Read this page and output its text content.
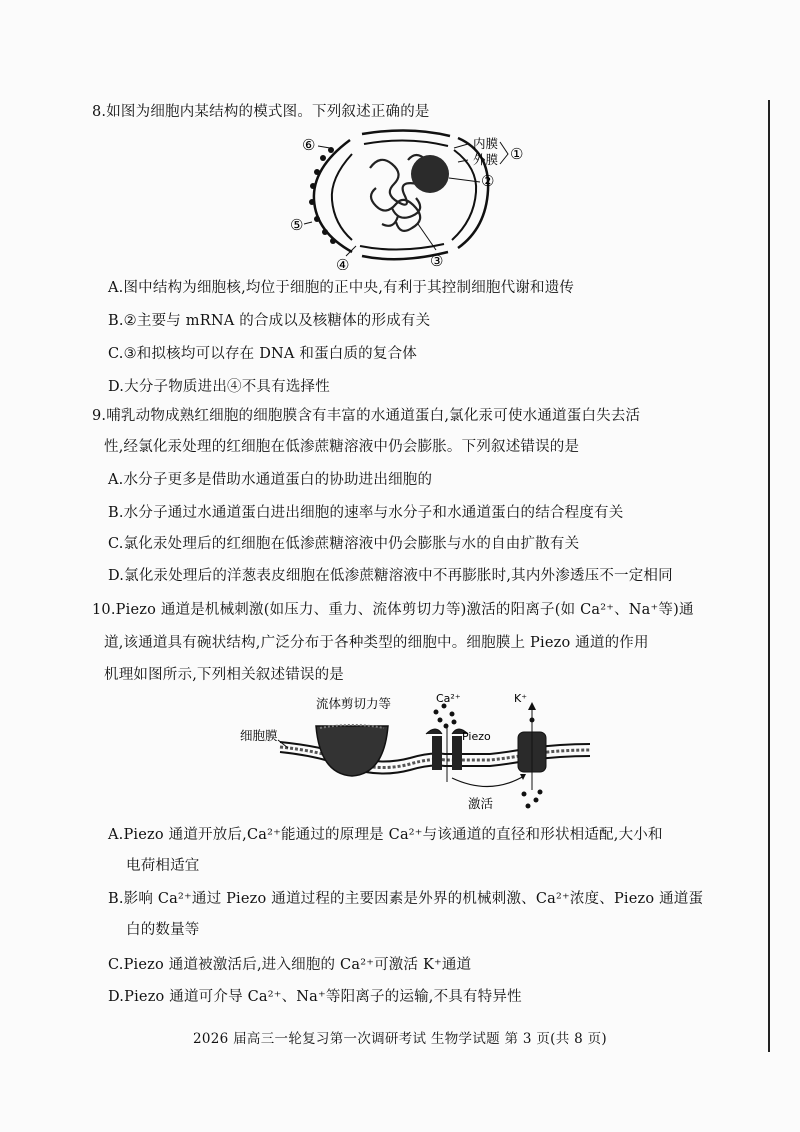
8.如图为细胞内某结构的模式图。下列叙述正确的是
内膜
外膜 ①
②
③
④
⑤
⑥
A.图中结构为细胞核,均位于细胞的正中央,有利于其控制细胞代谢和遗传
B.②主要与 mRNA 的合成以及核糖体的形成有关
C.③和拟核均可以存在 DNA 和蛋白质的复合体
D.大分子物质进出④不具有选择性
9.哺乳动物成熟红细胞的细胞膜含有丰富的水通道蛋白,氯化汞可使水通道蛋白失去活
性,经氯化汞处理的红细胞在低渗蔗糖溶液中仍会膨胀。下列叙述错误的是
A.水分子更多是借助水通道蛋白的协助进出细胞的
B.水分子通过水通道蛋白进出细胞的速率与水分子和水通道蛋白的结合程度有关
C.氯化汞处理后的红细胞在低渗蔗糖溶液中仍会膨胀与水的自由扩散有关
D.氯化汞处理后的洋葱表皮细胞在低渗蔗糖溶液中不再膨胀时,其内外渗透压不一定相同
10.Piezo 通道是机械刺激(如压力、重力、流体剪切力等)激活的阳离子(如 Ca²⁺、Na⁺等)通
道,该通道具有碗状结构,广泛分布于各种类型的细胞中。细胞膜上 Piezo 通道的作用
机理如图所示,下列相关叙述错误的是
细胞膜
流体剪切力等	Ca²⁺	K⁺
Piezo
激活
A.Piezo 通道开放后,Ca²⁺能通过的原理是 Ca²⁺与该通道的直径和形状相适配,大小和
电荷相适宜
B.影响 Ca²⁺通过 Piezo 通道过程的主要因素是外界的机械刺激、Ca²⁺浓度、Piezo 通道蛋
白的数量等
C.Piezo 通道被激活后,进入细胞的 Ca²⁺可激活 K⁺通道
D.Piezo 通道可介导 Ca²⁺、Na⁺等阳离子的运输,不具有特异性
2026 届高三一轮复习第一次调研考试 生物学试题 第 3 页(共 8 页)
